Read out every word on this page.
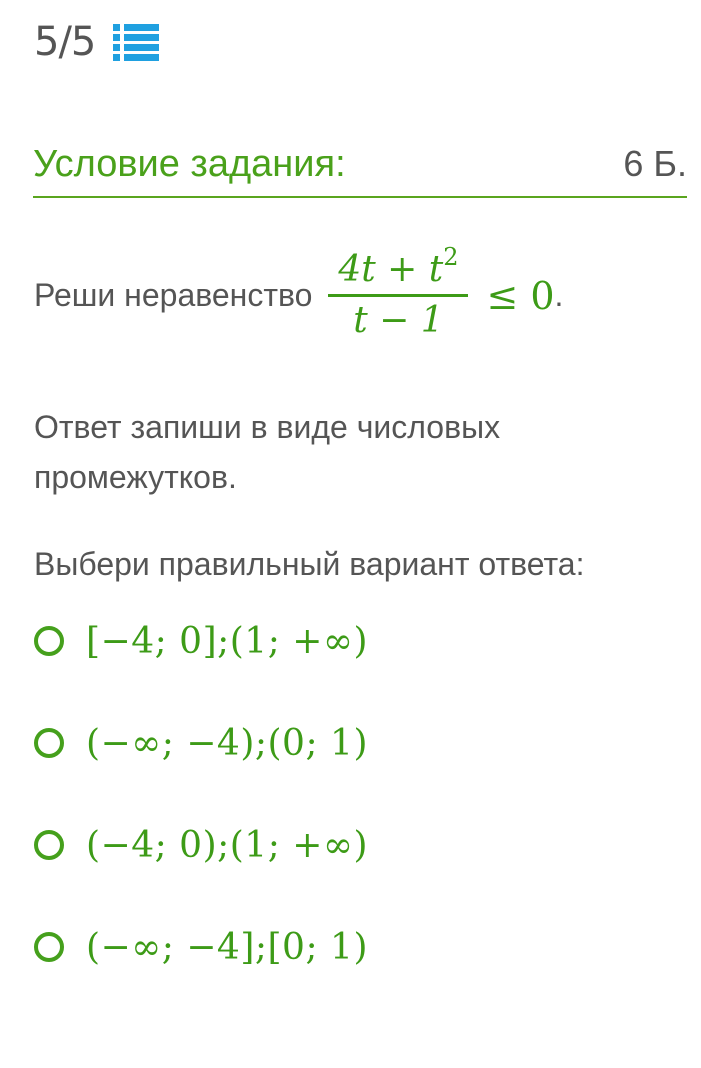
5/5
Условие задания:	6 Б.
Реши неравенство $\frac{4t + t^2}{t - 1} \le 0$ .
Ответ запиши в виде числовых промежутков.
Выбери правильный вариант ответа:
[−4; 0];(1; +∞)
(−∞; −4);(0; 1)
(−4; 0);(1; +∞)
(−∞; −4];[0; 1)
